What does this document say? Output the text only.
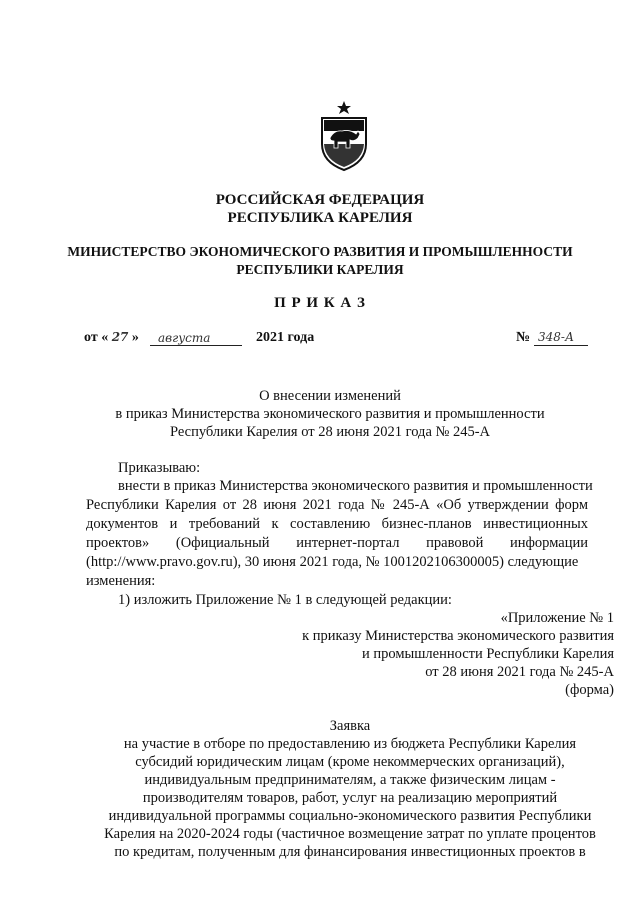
РОССИЙСКАЯ ФЕДЕРАЦИЯ
РЕСПУБЛИКА КАРЕЛИЯ
МИНИСТЕРСТВО ЭКОНОМИЧЕСКОГО РАЗВИТИЯ И ПРОМЫШЛЕННОСТИ
РЕСПУБЛИКИ КАРЕЛИЯ
П Р И К А З
от « 27 » августа	2021 года	№ 348-А
О внесении изменений
в приказ Министерства экономического развития и промышленности
Республики Карелия от 28 июня 2021 года № 245-А
Приказываю:
внести в приказ Министерства экономического развития и промышленности
Республики Карелия от 28 июня 2021 года № 245-А «Об утверждении форм
документов и требований к составлению бизнес-планов инвестиционных
проектов» (Официальный интернет-портал правовой информации
(http://www.pravo.gov.ru), 30 июня 2021 года, № 1001202106300005) следующие
изменения:
1) изложить Приложение № 1 в следующей редакции:
«Приложение № 1
к приказу Министерства экономического развития
и промышленности Республики Карелия
от 28 июня 2021 года № 245-А
(форма)
Заявка
на участие в отборе по предоставлению из бюджета Республики Карелия
субсидий юридическим лицам (кроме некоммерческих организаций),
индивидуальным предпринимателям, а также физическим лицам -
производителям товаров, работ, услуг на реализацию мероприятий
индивидуальной программы социально-экономического развития Республики
Карелия на 2020-2024 годы (частичное возмещение затрат по уплате процентов
по кредитам, полученным для финансирования инвестиционных проектов в
